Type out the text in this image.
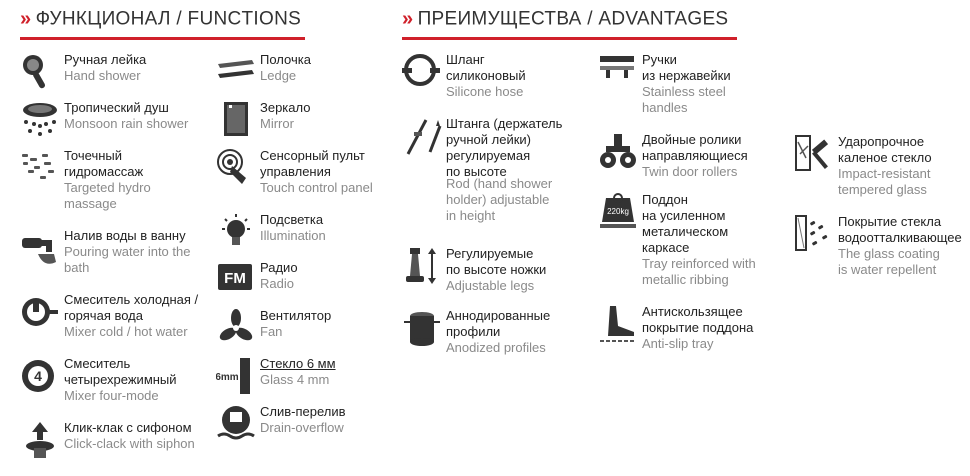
» ФУНКЦИОНАЛ / FUNCTIONS	» ПРЕИМУЩЕСТВА / ADVANTAGES
Ручная лейка
Hand shower
Тропический душ
Monsoon rain shower
Точечный
гидромассаж
Targeted hydro
massage
Налив воды в ванну
Pouring water into the
bath
Смеситель холодная /
горячая вода
Mixer cold / hot water
4
Смеситель
четырехрежимный
Mixer four-mode
Клик-клак с сифоном
Click-clack with siphon
Полочка
Ledge
Зеркало
Mirror
Сенсорный пульт
управления
Touch control panel
Подсветка
Illumination
FM
Радио
Radio
Вентилятор
Fan
6mm
Стекло 6 мм
Glass 4 mm
Слив-перелив
Drain-overflow
Шланг
силиконовый
Silicone hose
Штанга (держатель
ручной лейки)
регулируемая
по высоте
Rod (hand shower
holder) adjustable
in height
Регулируемые
по высоте ножки
Adjustable legs
Аннодированные
профили
Anodized profiles
Ручки
из нержавейки
Stainless steel
handles
Двойные ролики
направляющиеся
Twin door rollers
220kg
Поддон
на усиленном
металическом
каркасе
Tray reinforced with
metallic ribbing
Антискользящее
покрытие поддона
Anti-slip tray
Ударопрочное
каленое стекло
Impact-resistant
tempered glass
Покрытие стекла
водоотталкивающее
The glass coating
is water repellent
